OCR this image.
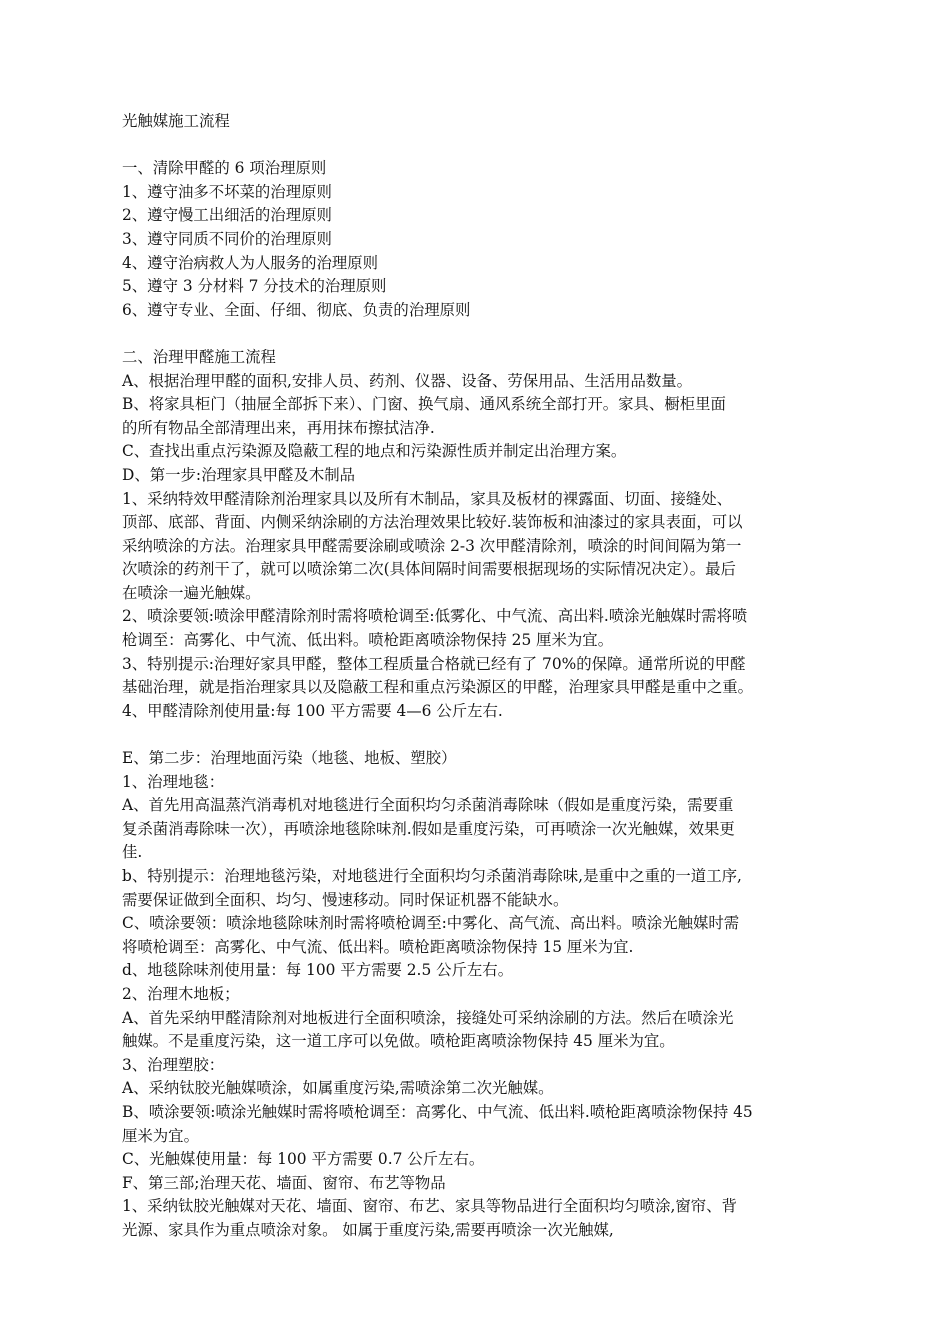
光触媒施工流程
一、清除甲醛的 6 项治理原则
1、遵守油多不坏菜的治理原则
2、遵守慢工出细活的治理原则
3、遵守同质不同价的治理原则
4、遵守治病救人为人服务的治理原则
5、遵守 3 分材料 7 分技术的治理原则
6、遵守专业、全面、仔细、彻底、负责的治理原则
二、治理甲醛施工流程
A、根据治理甲醛的面积,安排人员、药剂、仪器、设备、劳保用品、生活用品数量。
B、将家具柜门（抽屉全部拆下来）、门窗、换气扇、通风系统全部打开。家具、橱柜里面
的所有物品全部清理出来，再用抹布擦拭洁净.
C、查找出重点污染源及隐蔽工程的地点和污染源性质并制定出治理方案。
D、第一步:治理家具甲醛及木制品
1、采纳特效甲醛清除剂治理家具以及所有木制品，家具及板材的裸露面、切面、接缝处、
顶部、底部、背面、内侧采纳涂刷的方法治理效果比较好.装饰板和油漆过的家具表面，可以
采纳喷涂的方法。治理家具甲醛需要涂刷或喷涂 2-3 次甲醛清除剂，喷涂的时间间隔为第一
次喷涂的药剂干了，就可以喷涂第二次(具体间隔时间需要根据现场的实际情况决定）。最后
在喷涂一遍光触媒。
2、喷涂要领:喷涂甲醛清除剂时需将喷枪调至:低雾化、中气流、高出料.喷涂光触媒时需将喷
枪调至：高雾化、中气流、低出料。喷枪距离喷涂物保持 25 厘米为宜。
3、特别提示:治理好家具甲醛，整体工程质量合格就已经有了 70%的保障。通常所说的甲醛
基础治理，就是指治理家具以及隐蔽工程和重点污染源区的甲醛，治理家具甲醛是重中之重。
4、甲醛清除剂使用量:每 100 平方需要 4—6 公斤左右.
E、第二步：治理地面污染（地毯、地板、塑胶）
1、治理地毯：
A、首先用高温蒸汽消毒机对地毯进行全面积均匀杀菌消毒除味（假如是重度污染，需要重
复杀菌消毒除味一次），再喷涂地毯除味剂.假如是重度污染，可再喷涂一次光触媒，效果更
佳.
b、特别提示：治理地毯污染，对地毯进行全面积均匀杀菌消毒除味,是重中之重的一道工序,
需要保证做到全面积、均匀、慢速移动。同时保证机器不能缺水。
C、喷涂要领：喷涂地毯除味剂时需将喷枪调至:中雾化、高气流、高出料。喷涂光触媒时需
将喷枪调至：高雾化、中气流、低出料。喷枪距离喷涂物保持 15 厘米为宜.
d、地毯除味剂使用量：每 100 平方需要 2.5 公斤左右。
2、治理木地板；
A、首先采纳甲醛清除剂对地板进行全面积喷涂，接缝处可采纳涂刷的方法。然后在喷涂光
触媒。不是重度污染，这一道工序可以免做。喷枪距离喷涂物保持 45 厘米为宜。
3、治理塑胶：
A、采纳钛胶光触媒喷涂，如属重度污染,需喷涂第二次光触媒。
B、喷涂要领:喷涂光触媒时需将喷枪调至：高雾化、中气流、低出料.喷枪距离喷涂物保持 45
厘米为宜。
C、光触媒使用量：每 100 平方需要 0.7 公斤左右。
F、第三部;治理天花、墙面、窗帘、布艺等物品
1、采纳钛胶光触媒对天花、墙面、窗帘、布艺、家具等物品进行全面积均匀喷涂,窗帘、背
光源、家具作为重点喷涂对象。 如属于重度污染,需要再喷涂一次光触媒,
